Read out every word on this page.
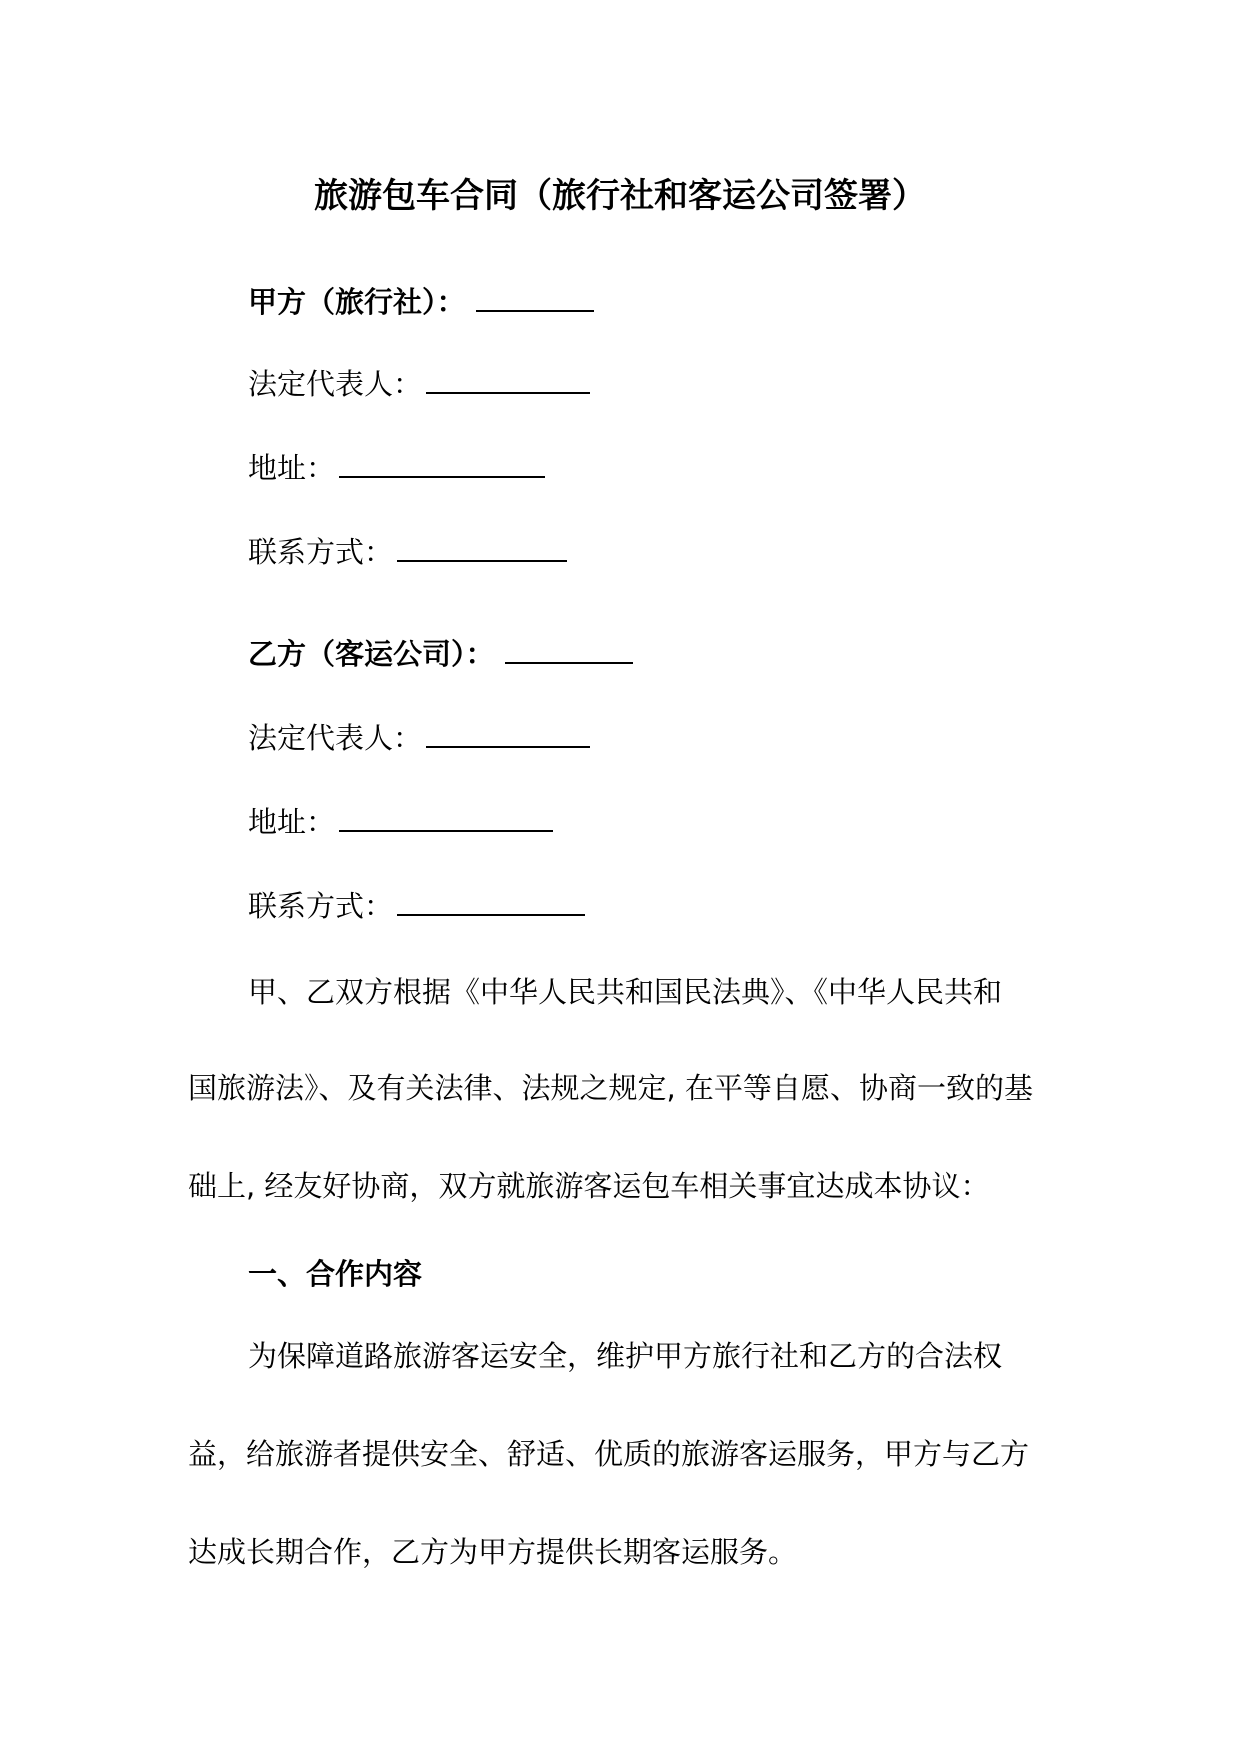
旅游包车合同（旅行社和客运公司签署）
甲方（旅行社）：
法定代表人：
地址：
联系方式：
乙方（客运公司）：
法定代表人：
地址：
联系方式：
甲、乙双方根据《中华人民共和国民法典》、《中华人民共和
国旅游法》、及有关法律、法规之规定, 在平等自愿、协商一致的基
础上, 经友好协商，双方就旅游客运包车相关事宜达成本协议：
一、合作内容
为保障道路旅游客运安全，维护甲方旅行社和乙方的合法权
益，给旅游者提供安全、舒适、优质的旅游客运服务，甲方与乙方
达成长期合作，乙方为甲方提供长期客运服务。
